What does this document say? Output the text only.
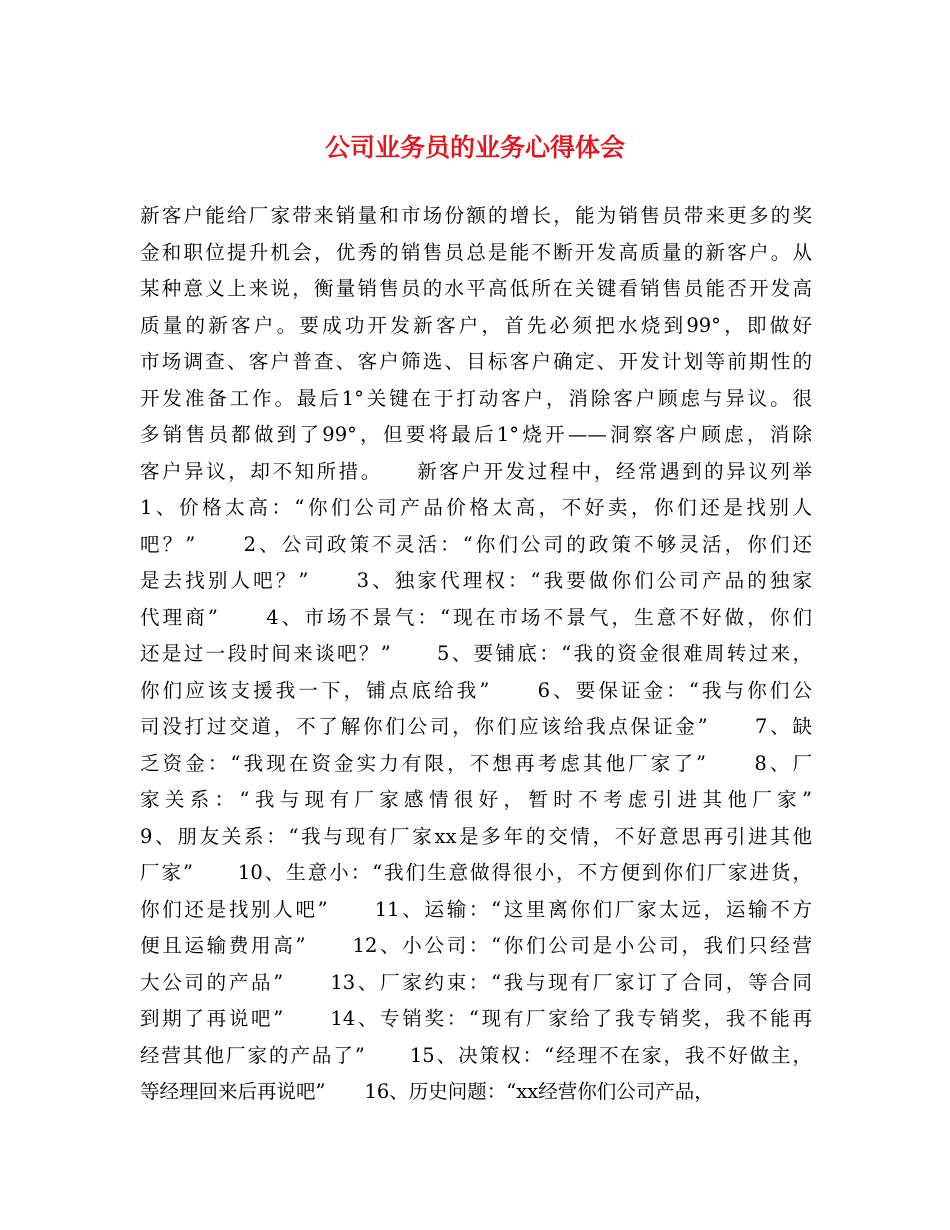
公司业务员的业务心得体会
新客户能给厂家带来销量和市场份额的增长，能为销售员带来更多的奖
金和职位提升机会，优秀的销售员总是能不断开发高质量的新客户。从
某种意义上来说，衡量销售员的水平高低所在关键看销售员能否开发高
质量的新客户。要成功开发新客户，首先必须把水烧到99°，即做好
市场调查、客户普查、客户筛选、目标客户确定、开发计划等前期性的
开发准备工作。最后1°关键在于打动客户，消除客户顾虑与异议。很
多销售员都做到了99°，但要将最后1°烧开——洞察客户顾虑，消除
客户异议，却不知所措。　　新客户开发过程中，经常遇到的异议列举
1、价格太高：“你们公司产品价格太高，不好卖，你们还是找别人
吧？”　　2、公司政策不灵活：“你们公司的政策不够灵活，你们还
是去找别人吧？”　　3、独家代理权：“我要做你们公司产品的独家
代理商”　　4、市场不景气：“现在市场不景气，生意不好做，你们
还是过一段时间来谈吧？”　　5、要铺底：“我的资金很难周转过来，
你们应该支援我一下，铺点底给我”　　6、要保证金：“我与你们公
司没打过交道，不了解你们公司，你们应该给我点保证金”　　7、缺
乏资金：“我现在资金实力有限，不想再考虑其他厂家了”　　8、厂
家关系：“我与现有厂家感情很好，暂时不考虑引进其他厂家”
9、朋友关系：“我与现有厂家xx是多年的交情，不好意思再引进其他
厂家”　　10、生意小：“我们生意做得很小，不方便到你们厂家进货，
你们还是找别人吧”　　11、运输：“这里离你们厂家太远，运输不方
便且运输费用高”　　12、小公司：“你们公司是小公司，我们只经营
大公司的产品”　　13、厂家约束：“我与现有厂家订了合同，等合同
到期了再说吧”　　14、专销奖：“现有厂家给了我专销奖，我不能再
经营其他厂家的产品了”　　15、决策权：“经理不在家，我不好做主，
等经理回来后再说吧”　　16、历史问题：“xx经营你们公司产品，
